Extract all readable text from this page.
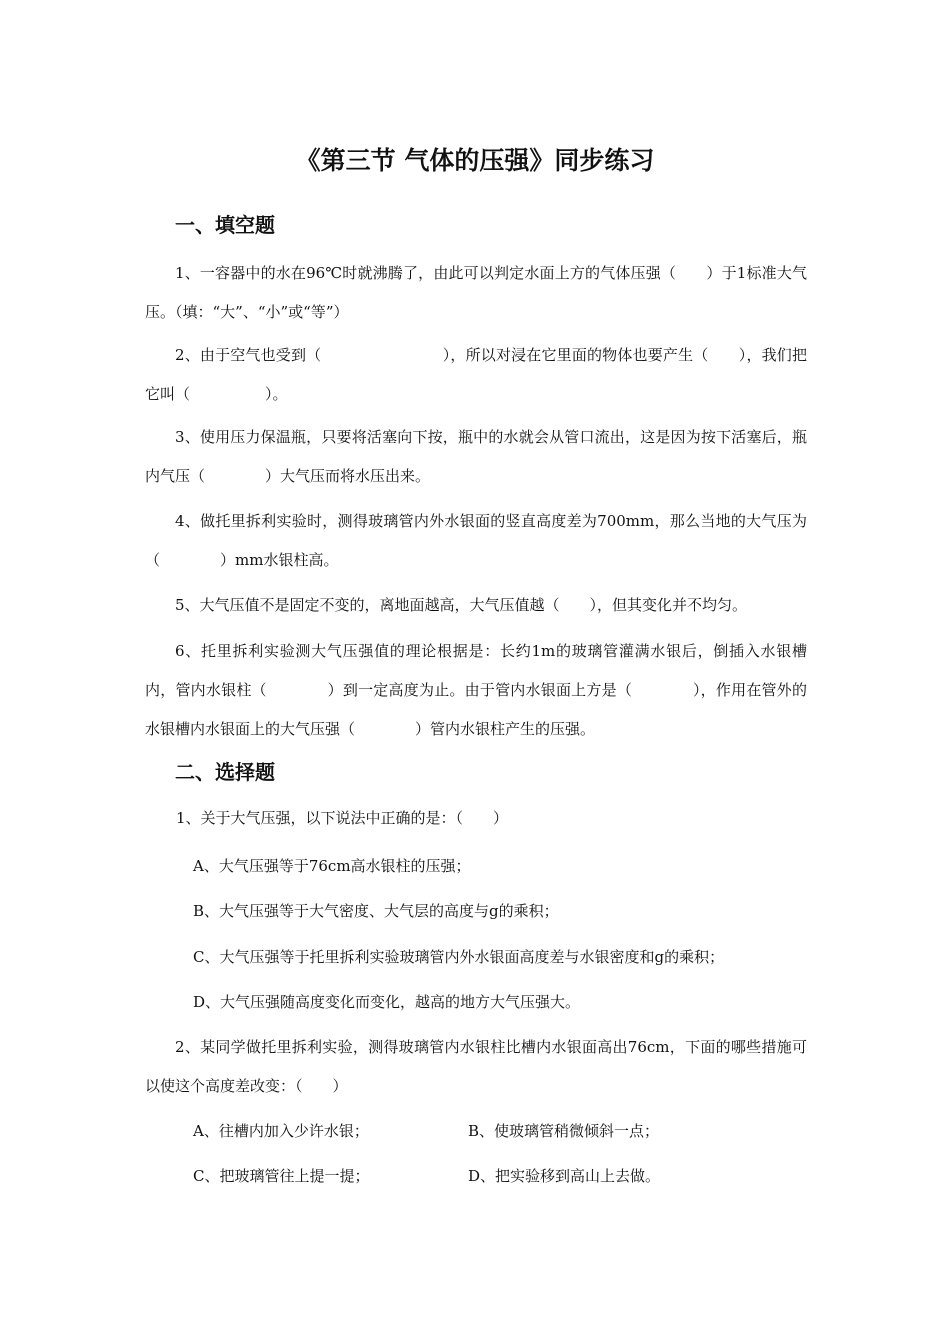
《第三节 气体的压强》同步练习
一、填空题
1、一容器中的水在96℃时就沸腾了，由此可以判定水面上方的气体压强（　　）于1标准大气压。（填：“大”、“小”或“等”）
2、由于空气也受到（　　　　　　　　），所以对浸在它里面的物体也要产生（　　），我们把它叫（　　　　　）。
3、使用压力保温瓶，只要将活塞向下按，瓶中的水就会从管口流出，这是因为按下活塞后，瓶内气压（　　　　）大气压而将水压出来。
4、做托里拆利实验时，测得玻璃管内外水银面的竖直高度差为700mm，那么当地的大气压为（　　　　）mm水银柱高。
5、大气压值不是固定不变的，离地面越高，大气压值越（　　），但其变化并不均匀。
6、托里拆利实验测大气压强值的理论根据是：长约1m的玻璃管灌满水银后，倒插入水银槽内，管内水银柱（　　　　）到一定高度为止。由于管内水银面上方是（　　　　），作用在管外的水银槽内水银面上的大气压强（　　　　）管内水银柱产生的压强。
二、选择题
1、关于大气压强，以下说法中正确的是：（　　）
A、大气压强等于76cm高水银柱的压强；
B、大气压强等于大气密度、大气层的高度与g的乘积；
C、大气压强等于托里拆利实验玻璃管内外水银面高度差与水银密度和g的乘积；
D、大气压强随高度变化而变化，越高的地方大气压强大。
2、某同学做托里拆利实验，测得玻璃管内水银柱比槽内水银面高出76cm，下面的哪些措施可以使这个高度差改变：（　　）
A、往槽内加入少许水银；	B、使玻璃管稍微倾斜一点；
C、把玻璃管往上提一提；	D、把实验移到高山上去做。
